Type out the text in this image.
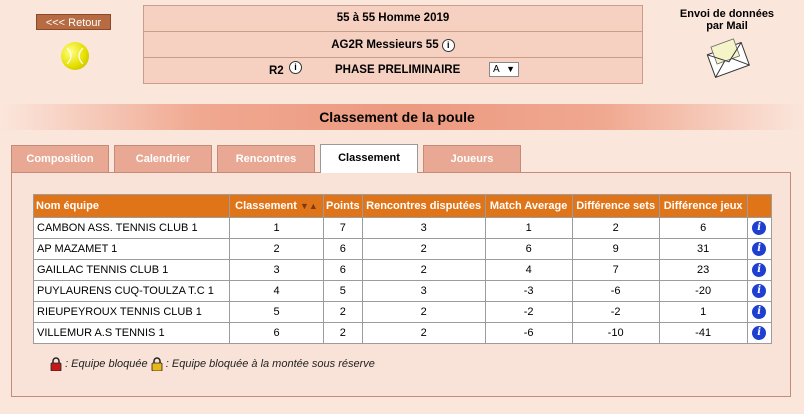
<<< Retour	55 à 55 Homme 2019
AG2R Messieurs 55 i
R2	i	PHASE PRELIMINAIRE	A ▼
Envoi de données
par Mail
Classement de la poule
Composition	Calendrier	Rencontres	Classement	Joueurs
Nom équipe	Classement ▼▲	Points	Rencontres disputées	Match Average	Différence sets	Différence jeux	
CAMBON ASS. TENNIS CLUB 1	1	7	3	1	2	6	i
AP MAZAMET 1	2	6	2	6	9	31	i
GAILLAC TENNIS CLUB 1	3	6	2	4	7	23	i
PUYLAURENS CUQ-TOULZA T.C 1	4	5	3	-3	-6	-20	i
RIEUPEYROUX TENNIS CLUB 1	5	2	2	-2	-2	1	i
VILLEMUR A.S TENNIS 1	6	2	2	-6	-10	-41	i
: Equipe bloquée : Equipe bloquée à la montée sous réserve
